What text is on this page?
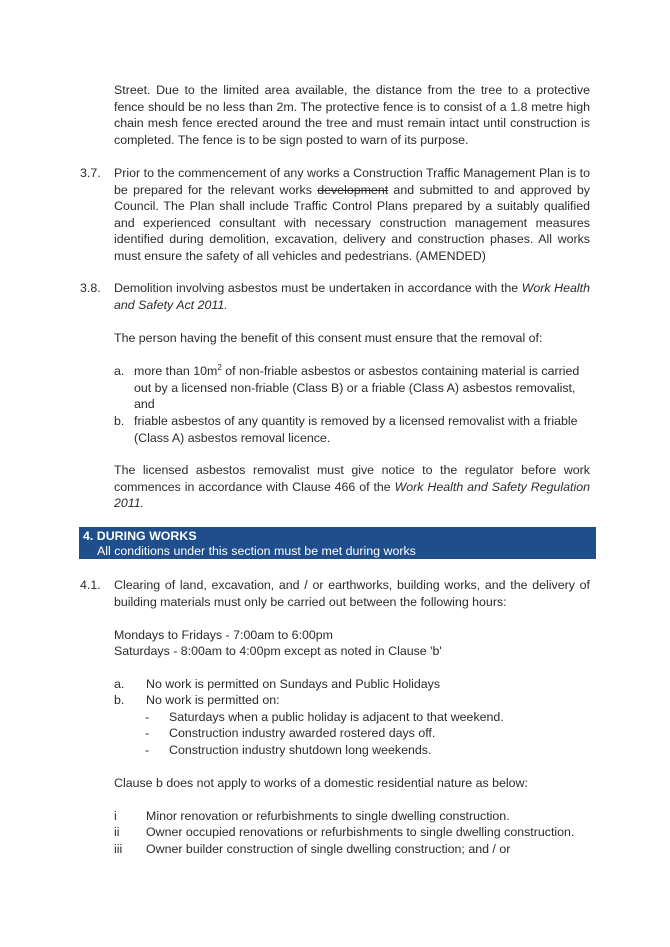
Street. Due to the limited area available, the distance from the tree to a protective fence should be no less than 2m. The protective fence is to consist of a 1.8 metre high chain mesh fence erected around the tree and must remain intact until construction is completed. The fence is to be sign posted to warn of its purpose.

3.7. Prior to the commencement of any works a Construction Traffic Management Plan is to be prepared for the relevant works development and submitted to and approved by Council. The Plan shall include Traffic Control Plans prepared by a suitably qualified and experienced consultant with necessary construction management measures identified during demolition, excavation, delivery and construction phases. All works must ensure the safety of all vehicles and pedestrians. (AMENDED)

3.8. Demolition involving asbestos must be undertaken in accordance with the Work Health and Safety Act 2011.

The person having the benefit of this consent must ensure that the removal of:

a. more than $10m^2$ of non-friable asbestos or asbestos containing material is carried out by a licensed non-friable (Class B) or a friable (Class A) asbestos removalist, and

b. friable asbestos of any quantity is removed by a licensed removalist with a friable (Class A) asbestos removal licence.

The licensed asbestos removalist must give notice to the regulator before work commences in accordance with Clause 466 of the Work Health and Safety Regulation 2011.

4. DURING WORKS
All conditions under this section must be met during works

4.1. Clearing of land, excavation, and / or earthworks, building works, and the delivery of building materials must only be carried out between the following hours:

Mondays to Fridays - 7:00am to 6:00pm

Saturdays - 8:00am to 4:00pm except as noted in Clause 'b'

a. No work is permitted on Sundays and Public Holidays
b. No work is permitted on:
- Saturdays when a public holiday is adjacent to that weekend.
- Construction industry awarded rostered days off.
- Construction industry shutdown long weekends.

Clause b does not apply to works of a domestic residential nature as below:

i Minor renovation or refurbishments to single dwelling construction.
ii Owner occupied renovations or refurbishments to single dwelling construction.
iii Owner builder construction of single dwelling construction; and / or
